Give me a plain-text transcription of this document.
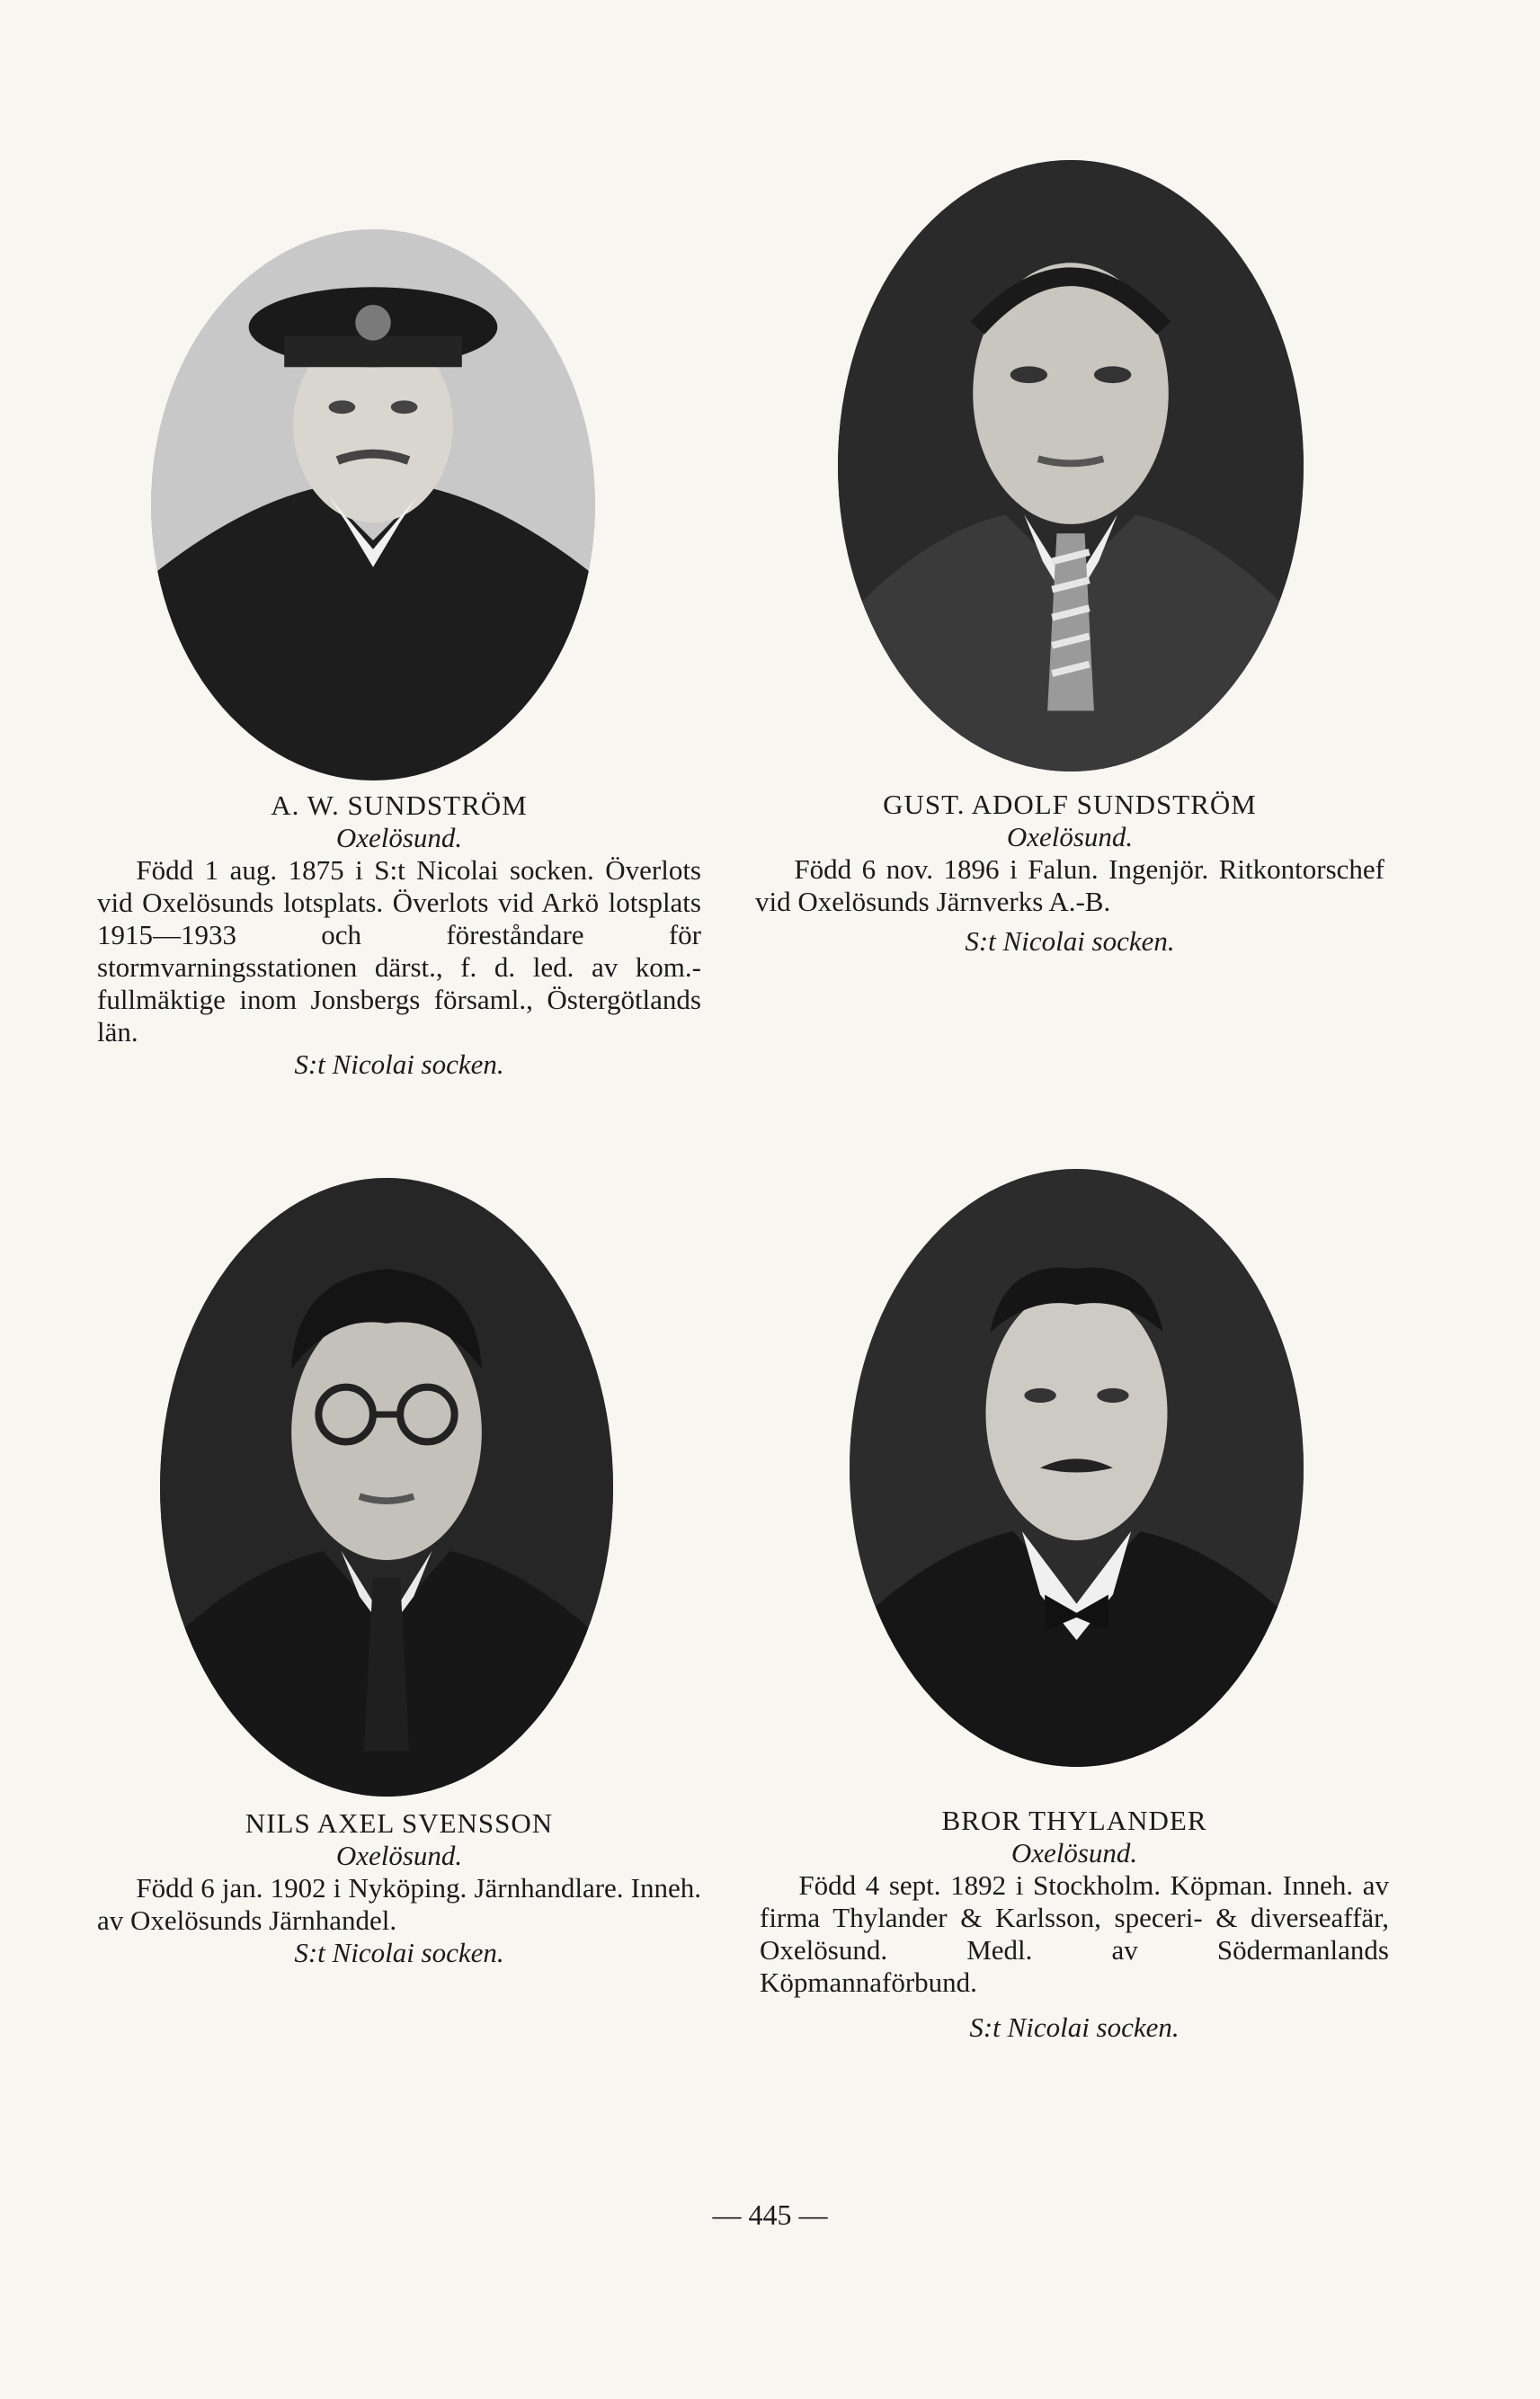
A. W. SUNDSTRÖM
Oxelösund.
Född 1 aug. 1875 i S:t Nicolai socken. Överlots vid Oxelösunds lotsplats. Överlots vid Arkö lotsplats 1915—1933 och föreståndare för stormvarningsstationen därst., f. d. led. av kom.-fullmäktige inom Jonsbergs församl., Östergötlands län.
S:t Nicolai socken.
GUST. ADOLF SUNDSTRÖM
Oxelösund.
Född 6 nov. 1896 i Falun. Ingenjör. Ritkontorschef vid Oxelösunds Järnverks A.-B.
S:t Nicolai socken.
NILS AXEL SVENSSON
Oxelösund.
Född 6 jan. 1902 i Nyköping. Järnhandlare. Inneh. av Oxelösunds Järnhandel.
S:t Nicolai socken.
BROR THYLANDER
Oxelösund.
Född 4 sept. 1892 i Stockholm. Köpman. Inneh. av firma Thylander & Karlsson, speceri- & diverseaffär, Oxelösund. Medl. av Södermanlands Köpmannaförbund.
S:t Nicolai socken.
— 445 —
